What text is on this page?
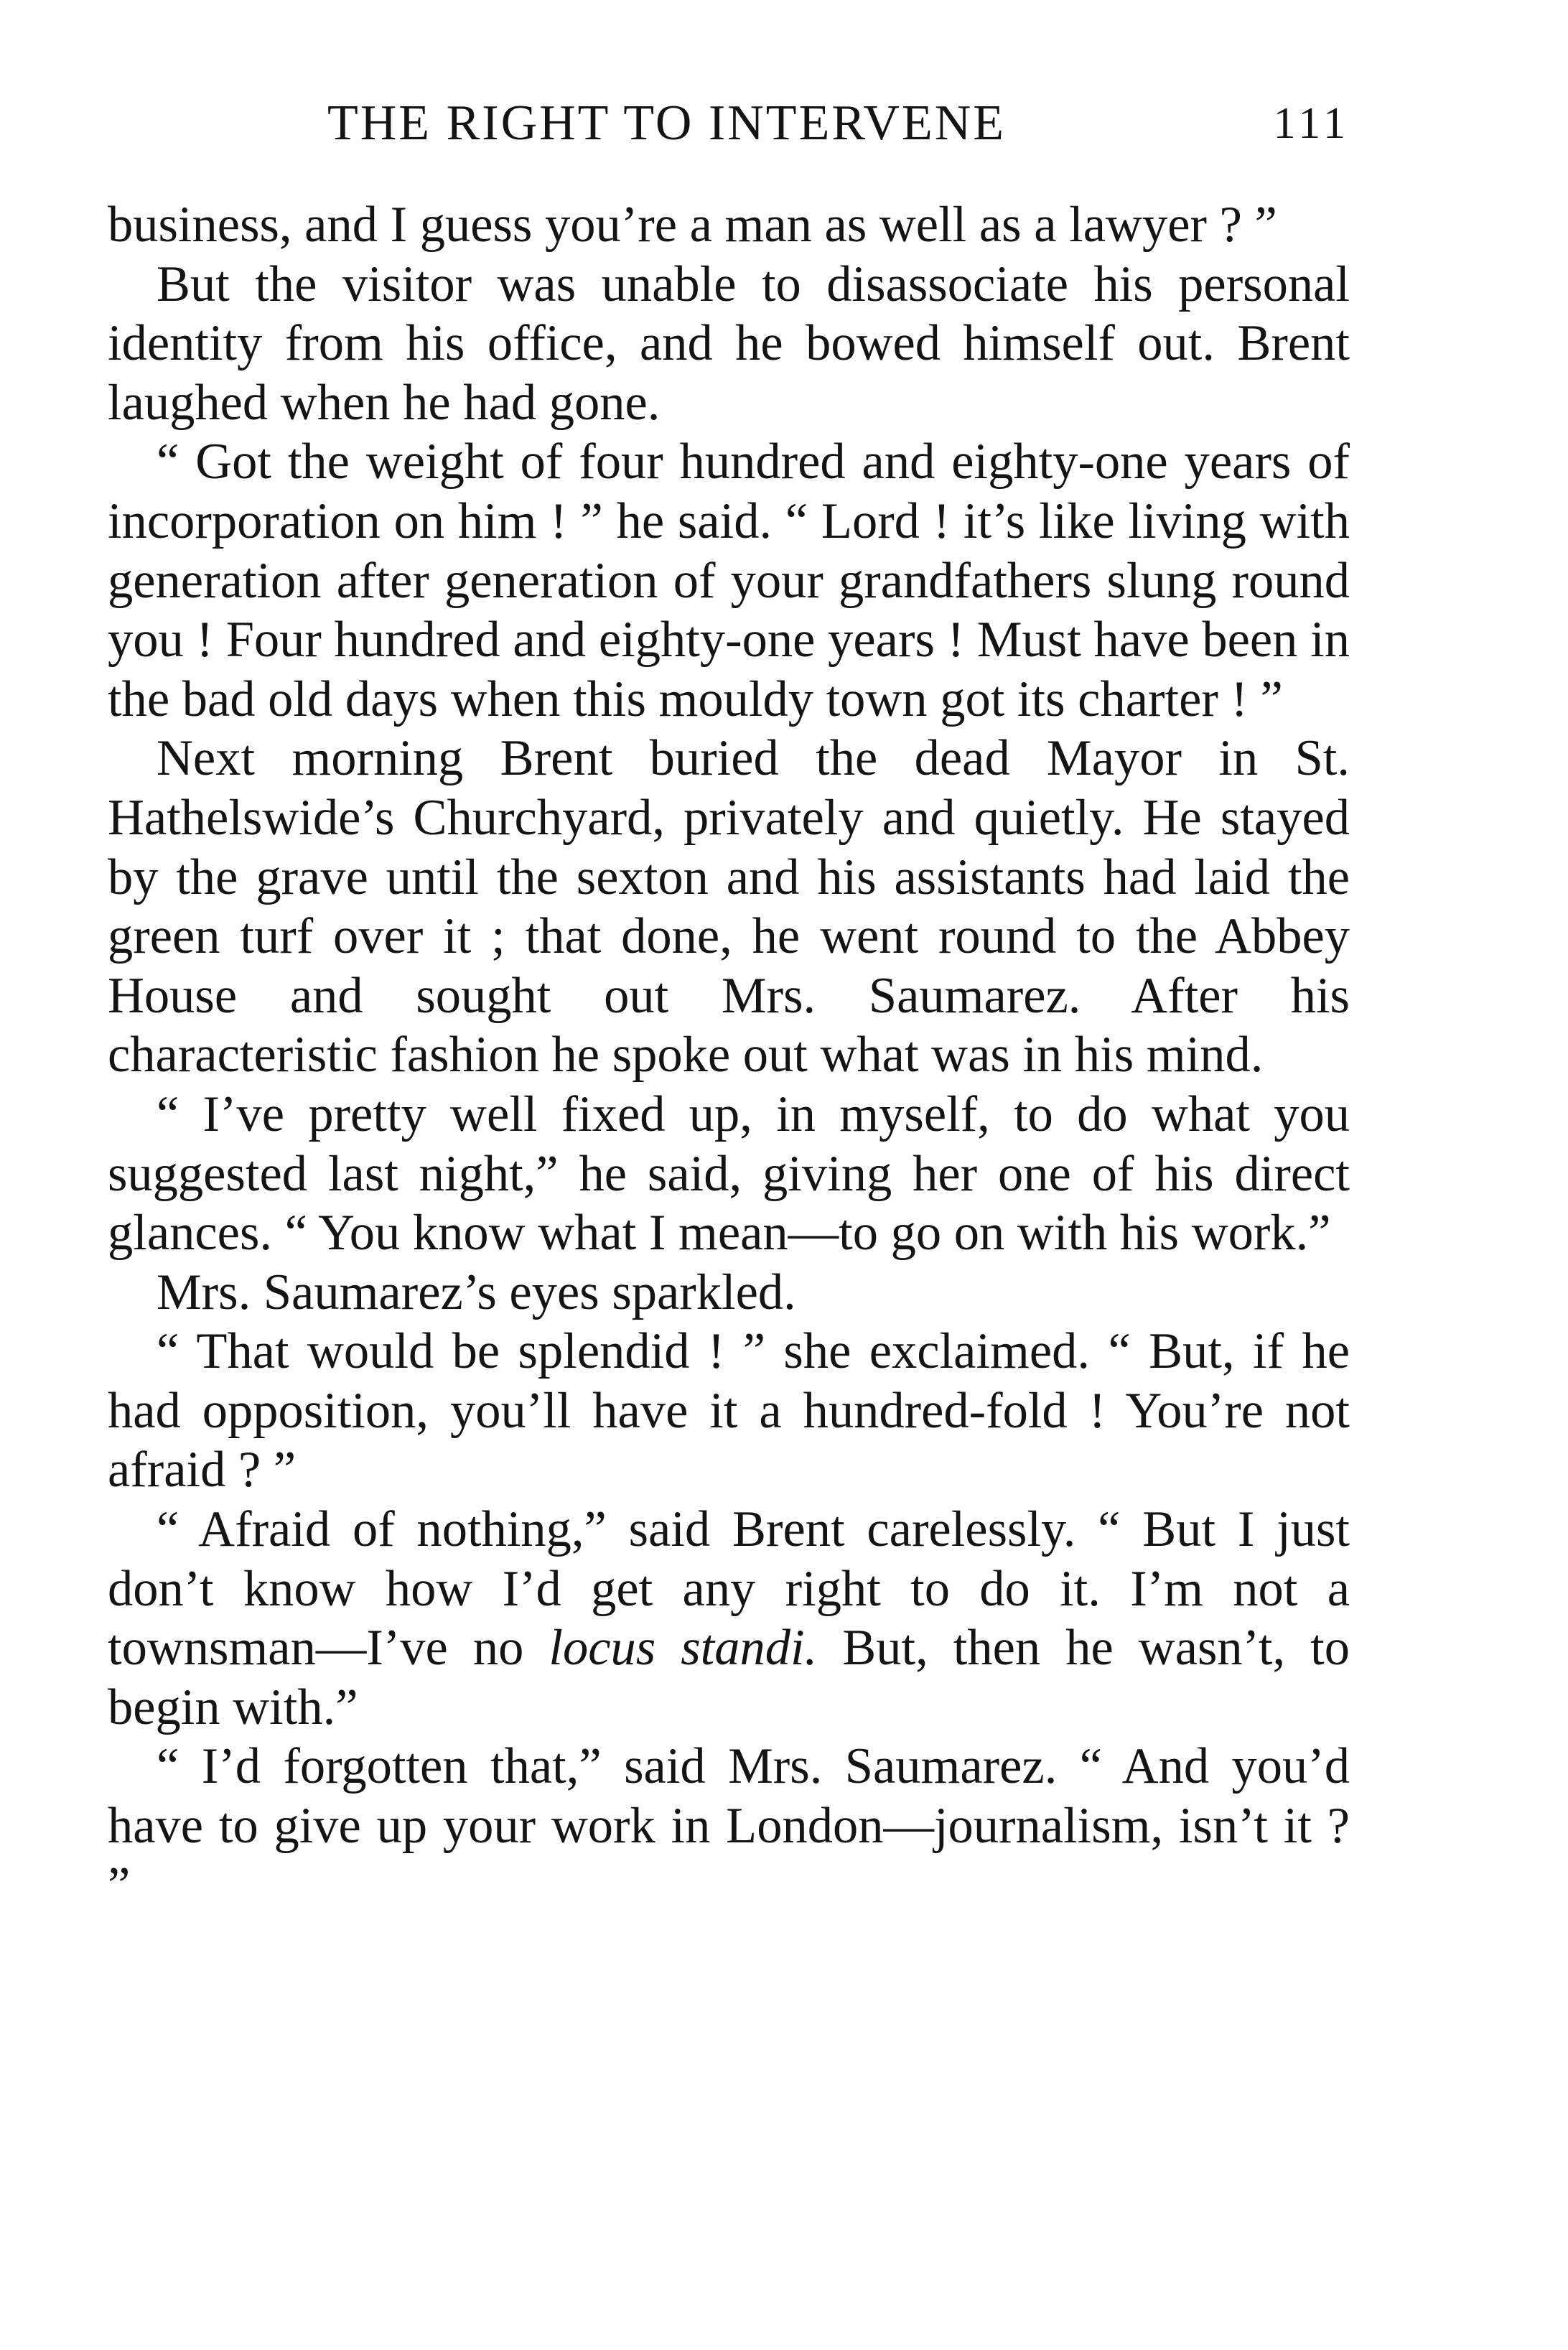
THE RIGHT TO INTERVENE	111

business, and I guess you’re a man as well as a lawyer ? ”

But the visitor was unable to disassociate his personal identity from his office, and he bowed himself out. Brent laughed when he had gone.

“ Got the weight of four hundred and eighty-one years of incorporation on him ! ” he said. “ Lord ! it’s like living with generation after generation of your grandfathers slung round you ! Four hundred and eighty-one years ! Must have been in the bad old days when this mouldy town got its charter ! ”

Next morning Brent buried the dead Mayor in St. Hathelswide’s Churchyard, privately and quietly. He stayed by the grave until the sexton and his assistants had laid the green turf over it ; that done, he went round to the Abbey House and sought out Mrs. Saumarez. After his characteristic fashion he spoke out what was in his mind.

“ I’ve pretty well fixed up, in myself, to do what you suggested last night,” he said, giving her one of his direct glances. “ You know what I mean—to go on with his work.”

Mrs. Saumarez’s eyes sparkled.

“ That would be splendid ! ” she exclaimed. “ But, if he had opposition, you’ll have it a hundred-fold ! You’re not afraid ? ”

“ Afraid of nothing,” said Brent carelessly. “ But I just don’t know how I’d get any right to do it. I’m not a townsman—I’ve no locus standi. But, then he wasn’t, to begin with.”

“ I’d forgotten that,” said Mrs. Saumarez. “ And you’d have to give up your work in London—journalism, isn’t it ? ”
